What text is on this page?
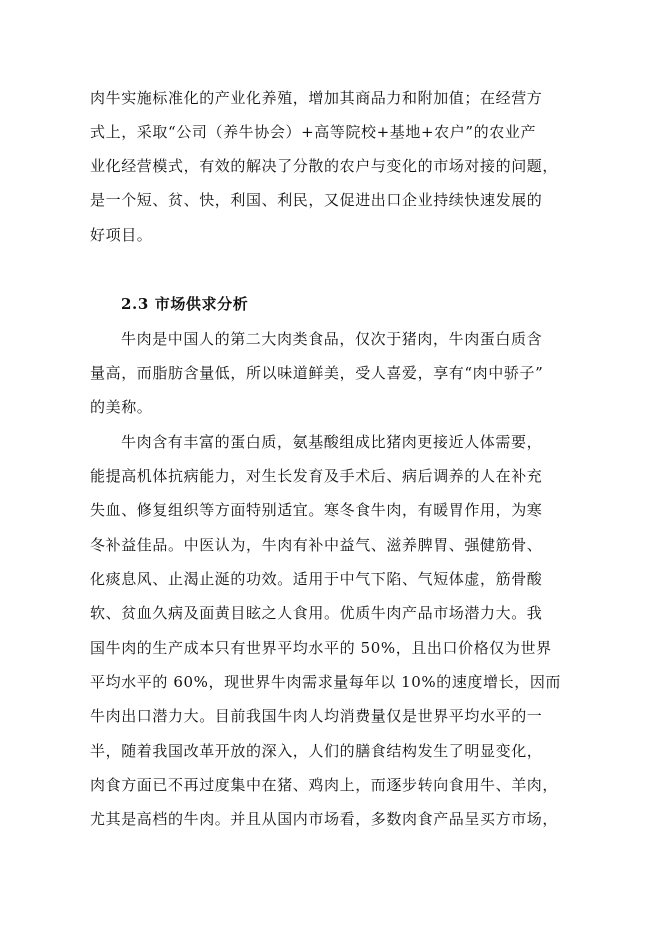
肉牛实施标准化的产业化养殖，增加其商品力和附加值；在经营方
式上，采取“公司（养牛协会）+高等院校+基地+农户”的农业产
业化经营模式，有效的解决了分散的农户与变化的市场对接的问题，
是一个短、贫、快，利国、利民，又促进出口企业持续快速发展的
好项目。
2.3 市场供求分析
牛肉是中国人的第二大肉类食品，仅次于猪肉，牛肉蛋白质含
量高，而脂肪含量低，所以味道鲜美，受人喜爱，享有“肉中骄子”
的美称。
牛肉含有丰富的蛋白质，氨基酸组成比猪肉更接近人体需要，
能提高机体抗病能力，对生长发育及手术后、病后调养的人在补充
失血、修复组织等方面特别适宜。寒冬食牛肉，有暖胃作用，为寒
冬补益佳品。中医认为，牛肉有补中益气、滋养脾胃、强健筋骨、
化痰息风、止渴止涎的功效。适用于中气下陷、气短体虚，筋骨酸
软、贫血久病及面黄目眩之人食用。优质牛肉产品市场潜力大。我
国牛肉的生产成本只有世界平均水平的 50%，且出口价格仅为世界
平均水平的 60%，现世界牛肉需求量每年以 10%的速度增长，因而
牛肉出口潜力大。目前我国牛肉人均消费量仅是世界平均水平的一
半，随着我国改革开放的深入，人们的膳食结构发生了明显变化，
肉食方面已不再过度集中在猪、鸡肉上，而逐步转向食用牛、羊肉，
尤其是高档的牛肉。并且从国内市场看，多数肉食产品呈买方市场，
